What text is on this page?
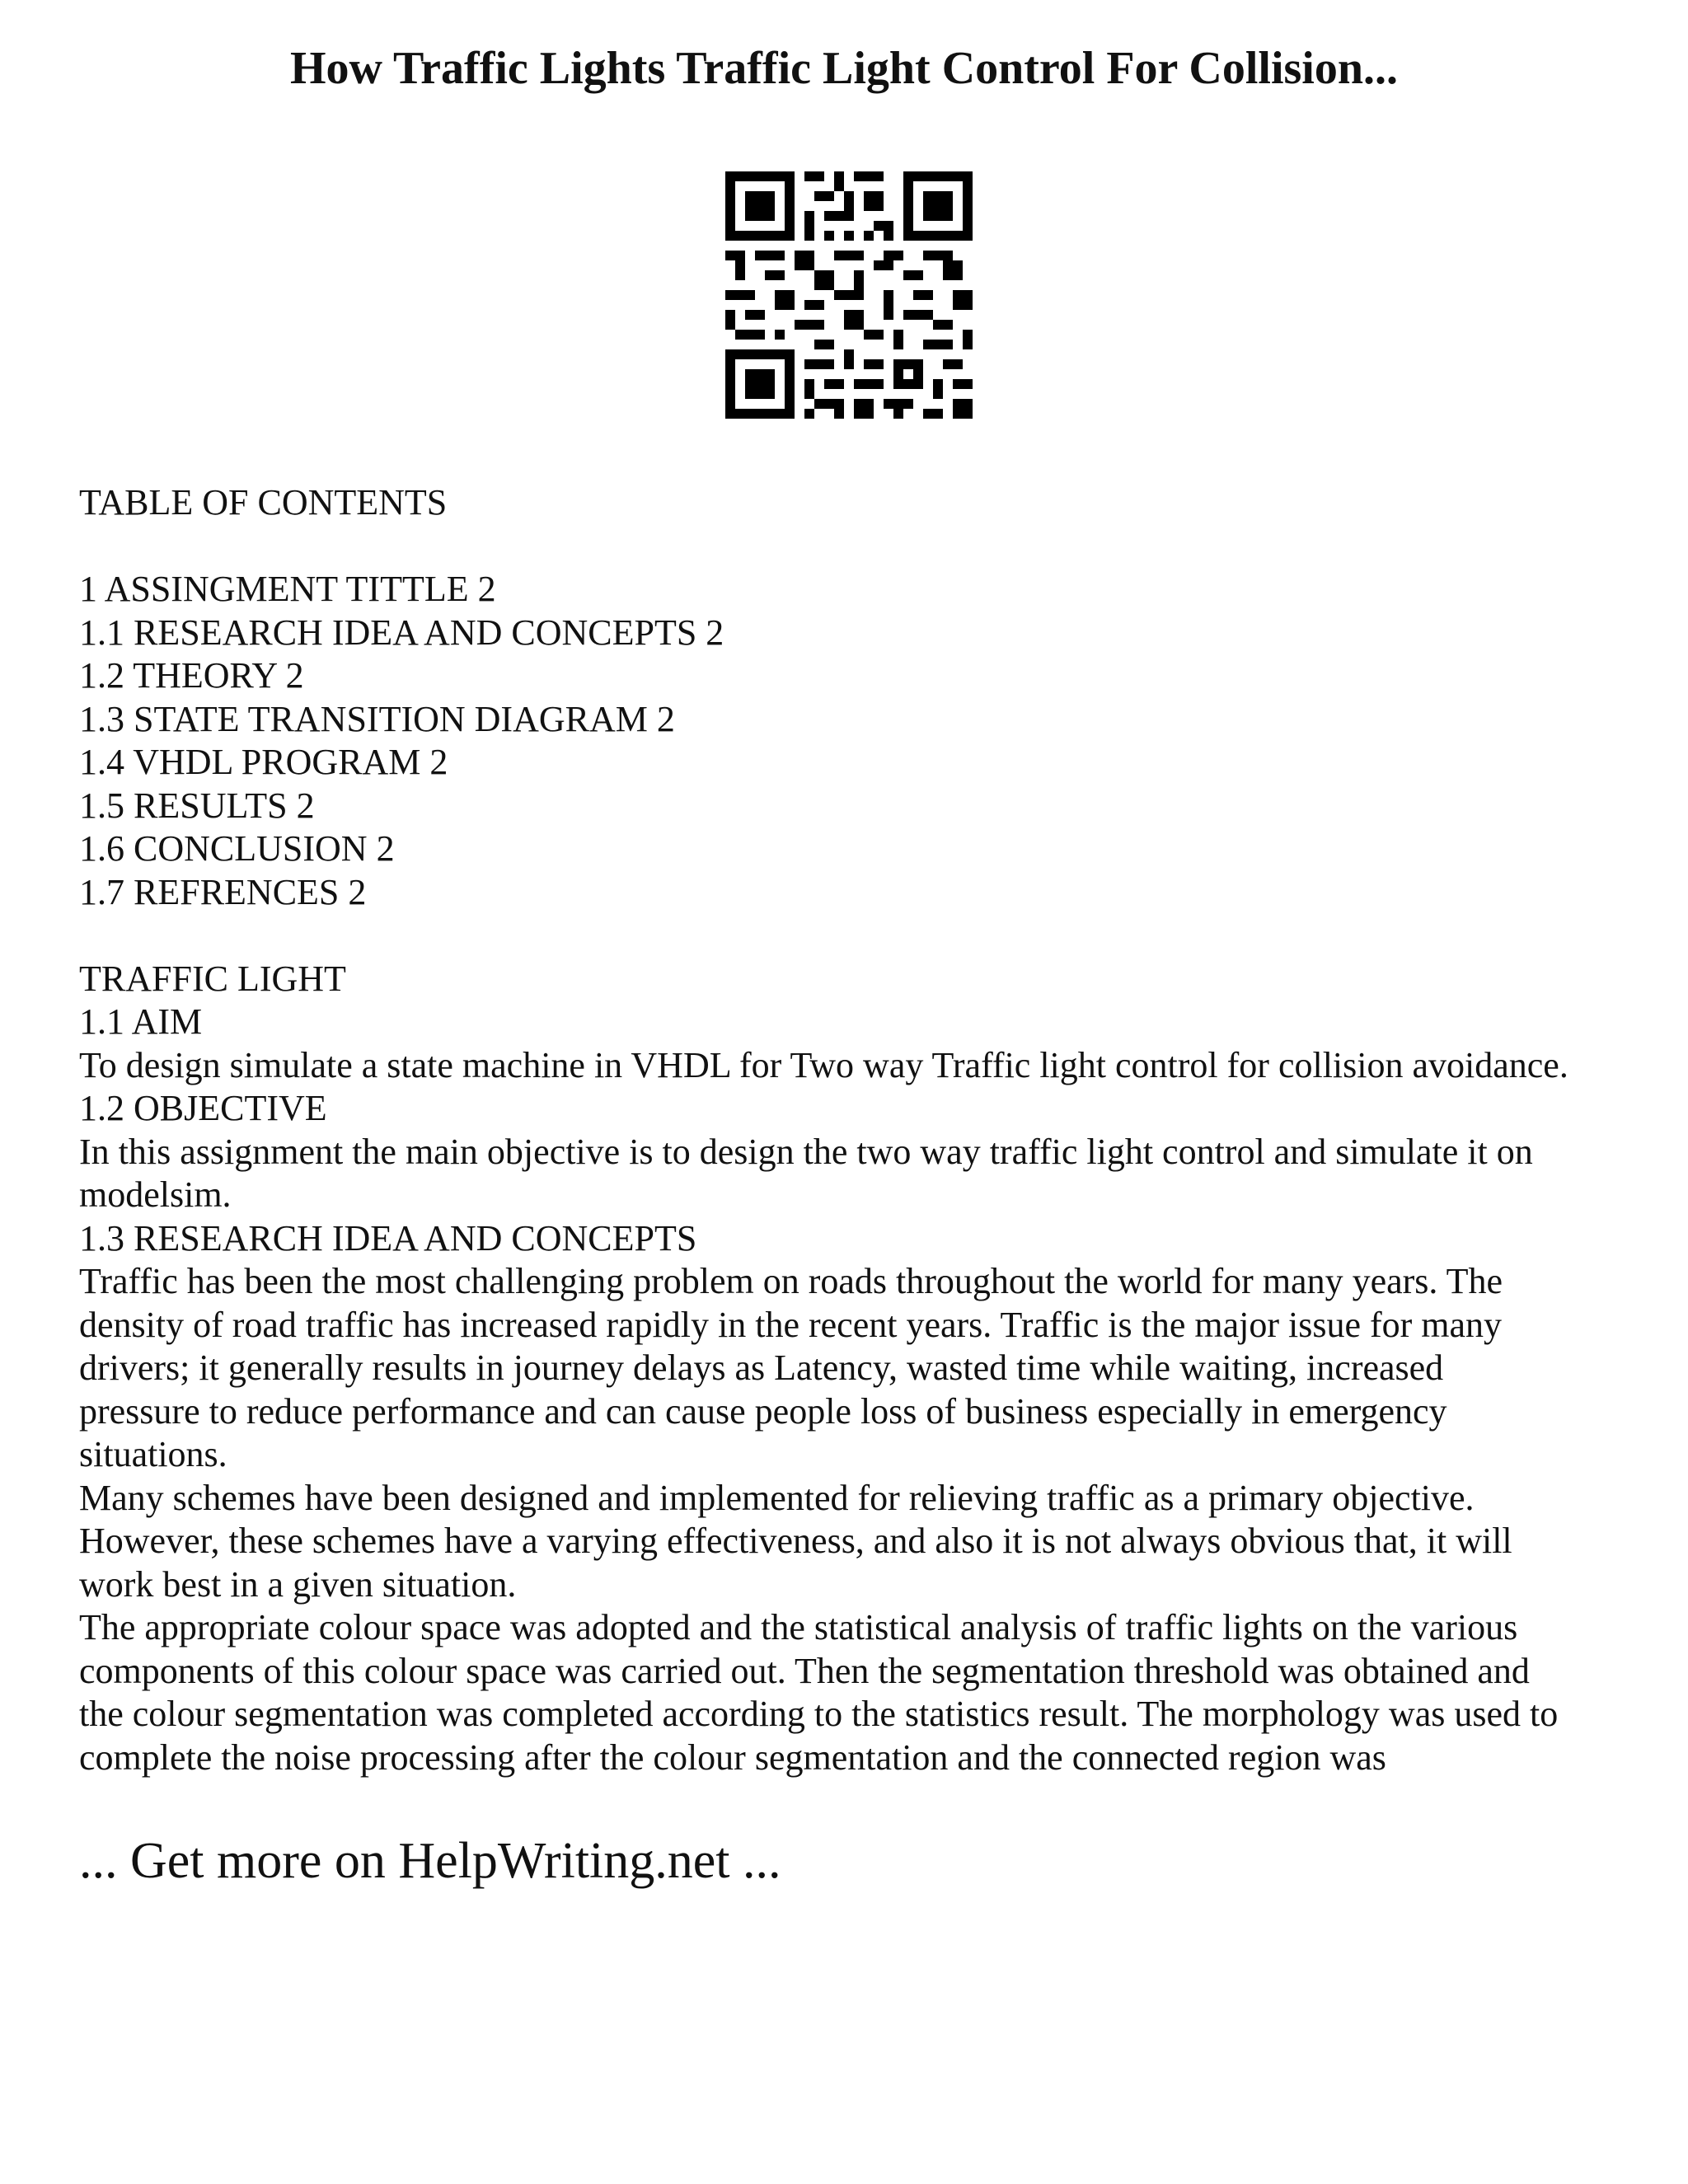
How Traffic Lights Traffic Light Control For Collision...
TABLE OF CONTENTS
1 ASSINGMENT TITTLE 2
1.1 RESEARCH IDEA AND CONCEPTS 2
1.2 THEORY 2
1.3 STATE TRANSITION DIAGRAM 2
1.4 VHDL PROGRAM 2
1.5 RESULTS 2
1.6 CONCLUSION 2
1.7 REFRENCES 2
TRAFFIC LIGHT
1.1 AIM
To design simulate a state machine in VHDL for Two way Traffic light control for collision avoidance.
1.2 OBJECTIVE
In this assignment the main objective is to design the two way traffic light control and simulate it on
modelsim.
1.3 RESEARCH IDEA AND CONCEPTS
Traffic has been the most challenging problem on roads throughout the world for many years. The
density of road traffic has increased rapidly in the recent years. Traffic is the major issue for many
drivers; it generally results in journey delays as Latency, wasted time while waiting, increased
pressure to reduce performance and can cause people loss of business especially in emergency
situations.
Many schemes have been designed and implemented for relieving traffic as a primary objective.
However, these schemes have a varying effectiveness, and also it is not always obvious that, it will
work best in a given situation.
The appropriate colour space was adopted and the statistical analysis of traffic lights on the various
components of this colour space was carried out. Then the segmentation threshold was obtained and
the colour segmentation was completed according to the statistics result. The morphology was used to
complete the noise processing after the colour segmentation and the connected region was
... Get more on HelpWriting.net ...
